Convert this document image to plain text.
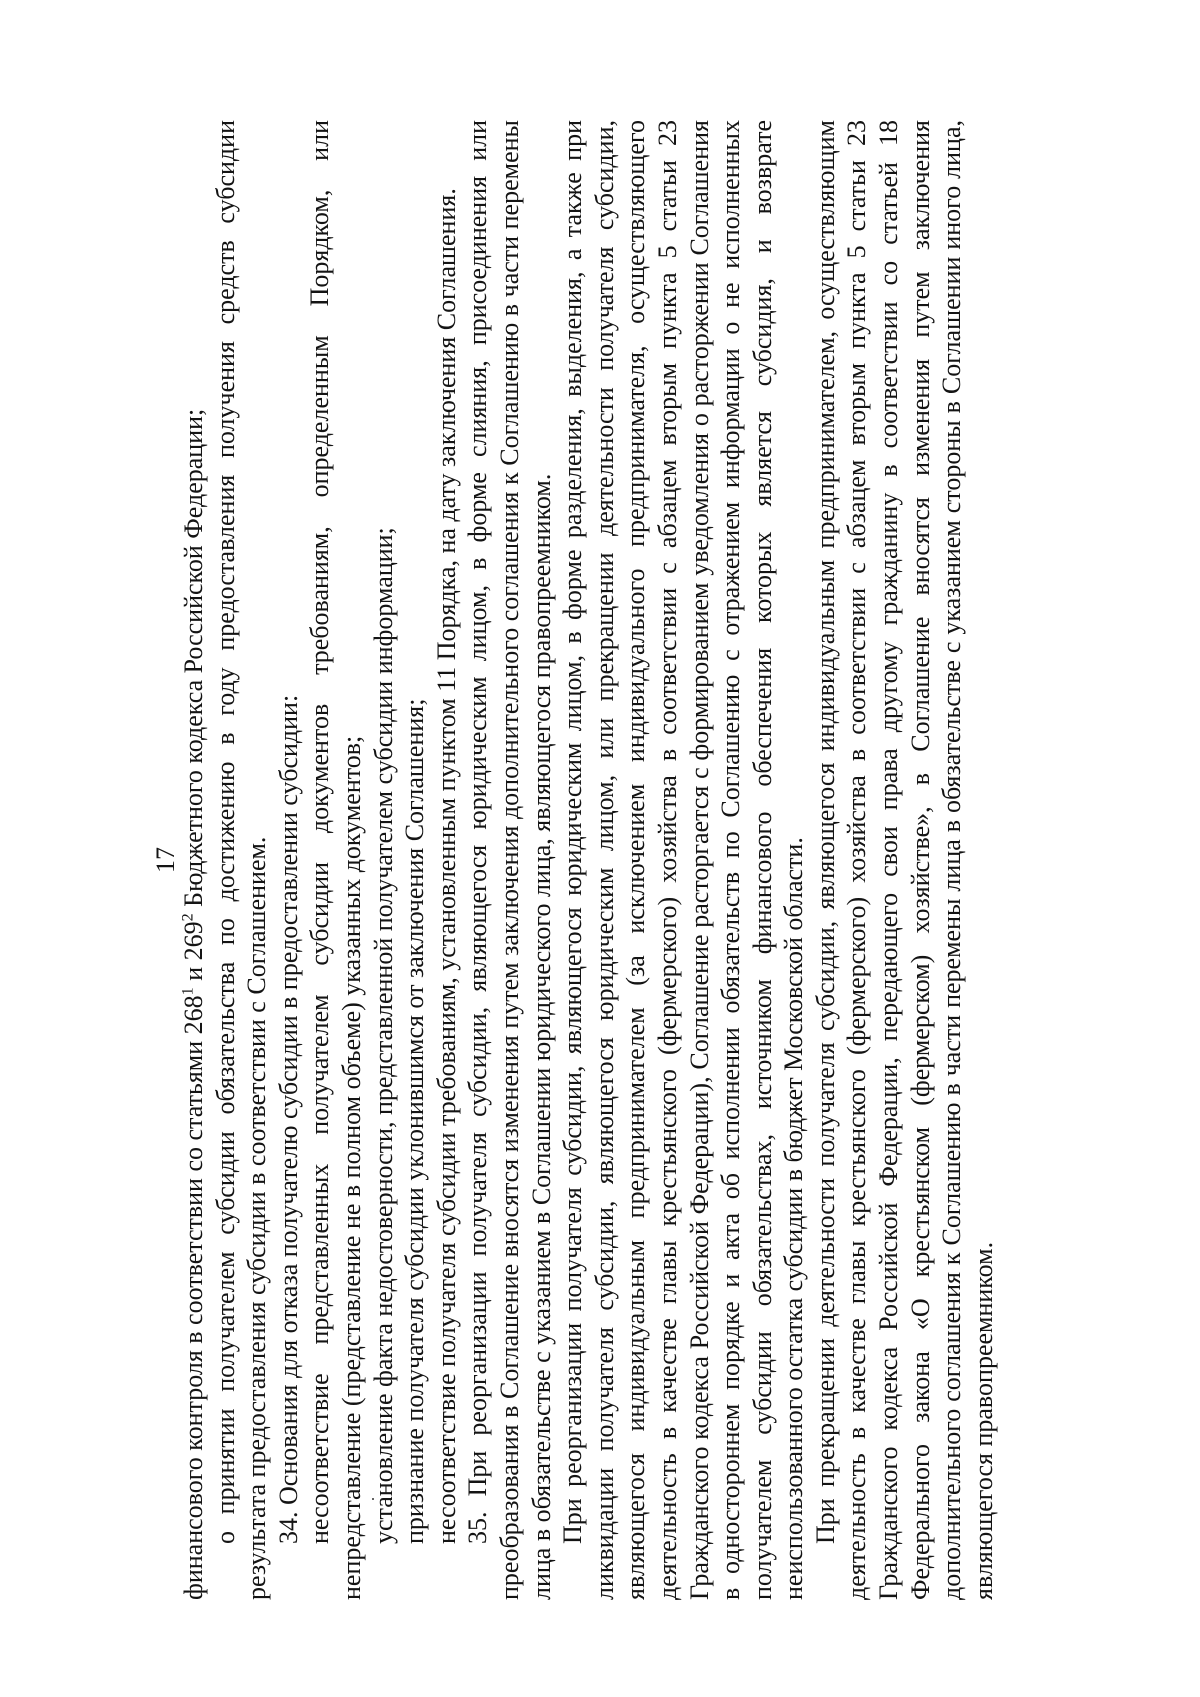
17

финансового контроля в соответствии со статьями $268^1$ и $269^2$ Бюджетного кодекса Российской Федерации; о принятии получателем субсидии обязательства по достижению в году предоставления получения средств субсидии результата предоставления субсидии в соответствии с Соглашением. 34. Основания для отказа получателю субсидии в предоставлении субсидии: несоответствие представленных получателем субсидии документов требованиям, определенным Порядком, или непредставление (представление не в полном объеме) указанных документов; установление факта недостоверности, представленной получателем субсидии информации; признание получателя субсидии уклонившимся от заключения Соглашения; несоответствие получателя субсидии требованиям, установленным пунктом 11 Порядка, на дату заключения Соглашения. 35. При реорганизации получателя субсидии, являющегося юридическим лицом, в форме слияния, присоединения или преобразования в Соглашение вносятся изменения путем заключения дополнительного соглашения к Соглашению в части перемены лица в обязательстве с указанием в Соглашении юридического лица, являющегося правопреемником. При реорганизации получателя субсидии, являющегося юридическим лицом, в форме разделения, выделения, а также при ликвидации получателя субсидии, являющегося юридическим лицом, или прекращении деятельности получателя субсидии, являющегося индивидуальным предпринимателем (за исключением индивидуального предпринимателя, осуществляющего деятельность в качестве главы крестьянского (фермерского) хозяйства в соответствии с абзацем вторым пункта 5 статьи 23 Гражданского кодекса Российской Федерации), Соглашение расторгается с формированием уведомления о расторжении Соглашения в одностороннем порядке и акта об исполнении обязательств по Соглашению с отражением информации о не исполненных получателем субсидии обязательствах, источником финансового обеспечения которых является субсидия, и возврате неиспользованного остатка субсидии в бюджет Московской области. При прекращении деятельности получателя субсидии, являющегося индивидуальным предпринимателем, осуществляющим деятельность в качестве главы крестьянского (фермерского) хозяйства в соответствии с абзацем вторым пункта 5 статьи 23 Гражданского кодекса Российской Федерации, передающего свои права другому гражданину в соответствии со статьей 18 Федерального закона «О крестьянском (фермерском) хозяйстве», в Соглашение вносятся изменения путем заключения дополнительного соглашения к Соглашению в части перемены лица в обязательстве с указанием стороны в Соглашении иного лица, являющегося правопреемником.
